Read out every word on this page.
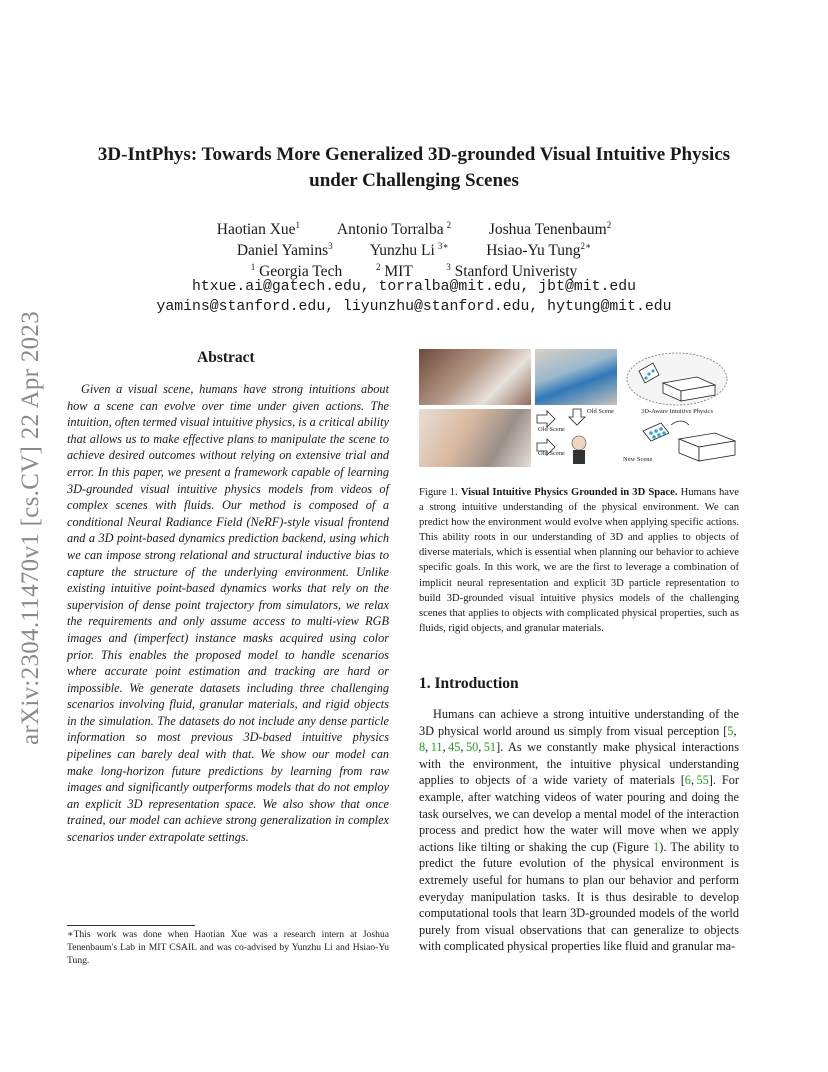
arXiv:2304.11470v1 [cs.CV] 22 Apr 2023
3D-IntPhys: Towards More Generalized 3D-grounded Visual Intuitive Physics
under Challenging Scenes
Haotian Xue$^1$ Antonio Torralba $^2$ Joshua Tenenbaum$^2$
Daniel Yamins$^3$ Yunzhu Li $^{3∗}$ Hsiao-Yu Tung$^{2∗}$
$^1$ Georgia Tech	$^2$ MIT	$^3$ Stanford Univeristy
htxue.ai@gatech.edu, torralba@mit.edu, jbt@mit.edu
yamins@stanford.edu, liyunzhu@stanford.edu, hytung@mit.edu
Abstract

Given a visual scene, humans have strong intuitions about how a scene can evolve over time under given actions. The intuition, often termed visual intuitive physics, is a critical ability that allows us to make effective plans to manipulate the scene to achieve desired outcomes without relying on extensive trial and error. In this paper, we present a framework capable of learning 3D-grounded visual intuitive physics models from videos of complex scenes with fluids. Our method is composed of a conditional Neural Radiance Field (NeRF)-style visual frontend and a 3D point-based dynamics prediction backend, using which we can impose strong relational and structural inductive bias to capture the structure of the underlying environment. Unlike existing intuitive point-based dynamics works that rely on the supervision of dense point trajectory from simulators, we relax the requirements and only assume access to multi-view RGB images and (imperfect) instance masks acquired using color prior. This enables the proposed model to handle scenarios where accurate point estimation and tracking are hard or impossible. We generate datasets including three challenging scenarios involving fluid, granular materials, and rigid objects in the simulation. The datasets do not include any dense particle information so most previous 3D-based intuitive physics pipelines can barely deal with that. We show our model can make long-horizon future predictions by learning from raw images and significantly outperforms models that do not employ an explicit 3D representation space. We also show that once trained, our model can achieve strong generalization in complex scenarios under extrapolate settings.

∗This work was done when Haotian Xue was a research intern at Joshua Tenenbaum's Lab in MIT CSAIL and was co-advised by Yunzhu Li and Hsiao-Yu Tung.
Old Scene	3D-Aware Intuitive Physics
Old Scene
Old Scene
New Scene
Figure 1. Visual Intuitive Physics Grounded in 3D Space. Humans have a strong intuitive understanding of the physical environment. We can predict how the environment would evolve when applying specific actions. This ability roots in our understanding of 3D and applies to objects of diverse materials, which is essential when planning our behavior to achieve specific goals. In this work, we are the first to leverage a combination of implicit neural representation and explicit 3D particle representation to build 3D-grounded visual intuitive physics models of the challenging scenes that applies to objects with complicated physical properties, such as fluids, rigid objects, and granular materials.
1. Introduction

Humans can achieve a strong intuitive understanding of the 3D physical world around us simply from visual perception [5, 8, 11, 45, 50, 51]. As we constantly make physical interactions with the environment, the intuitive physical understanding applies to objects of a wide variety of materials [6, 55]. For example, after watching videos of water pouring and doing the task ourselves, we can develop a mental model of the interaction process and predict how the water will move when we apply actions like tilting or shaking the cup (Figure 1). The ability to predict the future evolution of the physical environment is extremely useful for humans to plan our behavior and perform everyday manipulation tasks. It is thus desirable to develop computational tools that learn 3D-grounded models of the world purely from visual observations that can generalize to objects with complicated physical properties like fluid and granular ma-
